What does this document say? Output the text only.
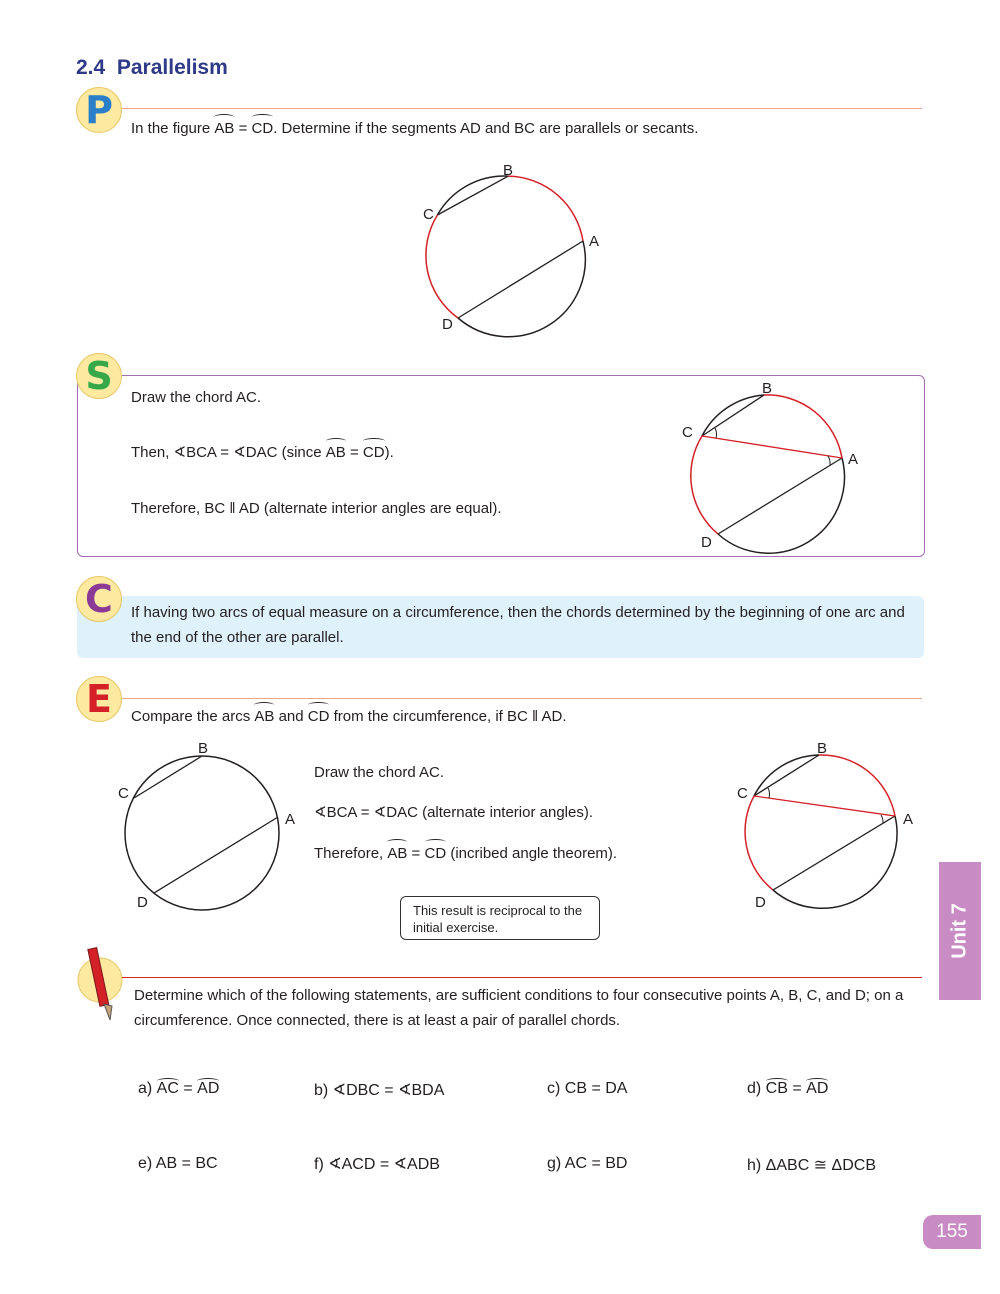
2.4 Parallelism
P	In the figure AB = CD. Determine if the segments AD and BC are parallels or secants.
B
C
A
D
S	Draw the chord AC.
Then, ∢BCA = ∢DAC (since AB = CD).
Therefore, BC ǁ AD (alternate interior angles are equal).
B
C
A
D
C	If having two arcs of equal measure on a circumference, then the chords determined by the beginning of one arc and the end of the other are parallel.
E	Compare the arcs AB and CD from the circumference, if BC ǁ AD.
B
C
A
D
Draw the chord AC.
∢BCA = ∢DAC (alternate interior angles).
Therefore, AB = CD (incribed angle theorem).
This result is reciprocal to the initial exercise.
B
C
A
D
Determine which of the following statements, are sufficient conditions to four consecutive points A, B, C, and D; on a circumference. Once connected, there is at least a pair of parallel chords.
a) AC = AD	b) ∢DBC = ∢BDA	c) CB = DA	d) CB = AD
e) AB = BC	f) ∢ACD = ∢ADB	g) AC = BD	h) ΔABC ≅ ΔDCB
Unit 7
155
